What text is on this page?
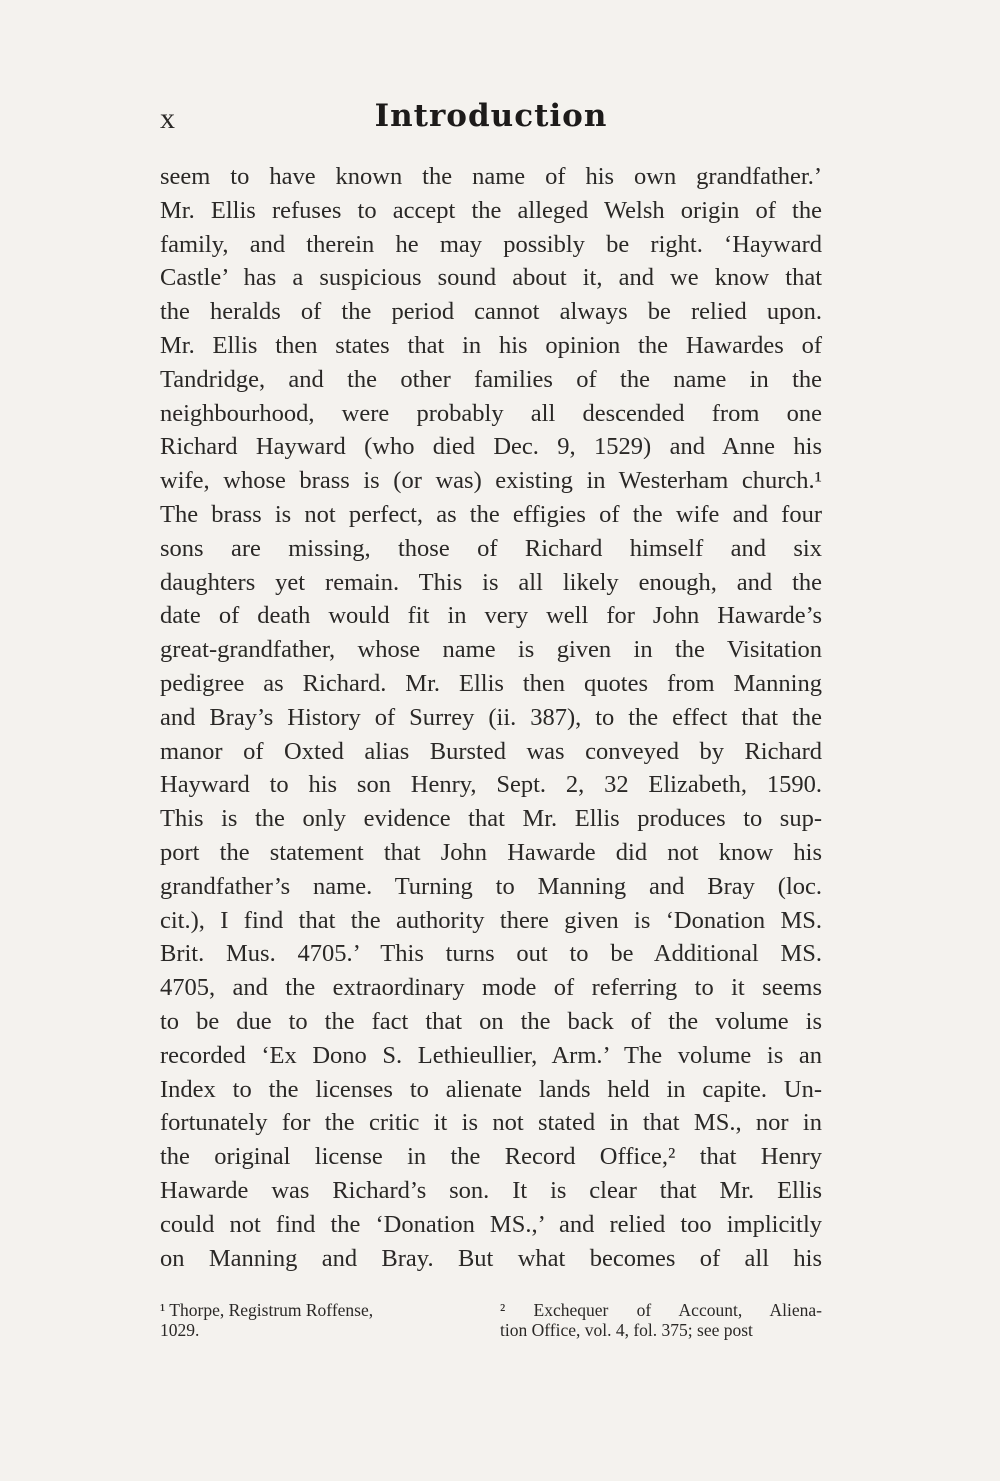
x	Introduction
seem to have known the name of his own grandfather.’
Mr. Ellis refuses to accept the alleged Welsh origin of the
family, and therein he may possibly be right. ‘Hayward
Castle’ has a suspicious sound about it, and we know that
the heralds of the period cannot always be relied upon.
Mr. Ellis then states that in his opinion the Hawardes of
Tandridge, and the other families of the name in the
neighbourhood, were probably all descended from one
Richard Hayward (who died Dec. 9, 1529) and Anne his
wife, whose brass is (or was) existing in Westerham church.¹
The brass is not perfect, as the effigies of the wife and four
sons are missing, those of Richard himself and six
daughters yet remain. This is all likely enough, and the
date of death would fit in very well for John Hawarde’s
great-grandfather, whose name is given in the Visitation
pedigree as Richard. Mr. Ellis then quotes from Manning
and Bray’s History of Surrey (ii. 387), to the effect that the
manor of Oxted alias Bursted was conveyed by Richard
Hayward to his son Henry, Sept. 2, 32 Elizabeth, 1590.
This is the only evidence that Mr. Ellis produces to sup-
port the statement that John Hawarde did not know his
grandfather’s name. Turning to Manning and Bray (loc.
cit.), I find that the authority there given is ‘Donation MS.
Brit. Mus. 4705.’ This turns out to be Additional MS.
4705, and the extraordinary mode of referring to it seems
to be due to the fact that on the back of the volume is
recorded ‘Ex Dono S. Lethieullier, Arm.’ The volume is an
Index to the licenses to alienate lands held in capite. Un-
fortunately for the critic it is not stated in that MS., nor in
the original license in the Record Office,² that Henry
Hawarde was Richard’s son. It is clear that Mr. Ellis
could not find the ‘Donation MS.,’ and relied too implicitly
on Manning and Bray. But what becomes of all his
¹ Thorpe, Registrum Roffense,
1029.
² Exchequer of Account, Aliena-
tion Office, vol. 4, fol. 375; see post
